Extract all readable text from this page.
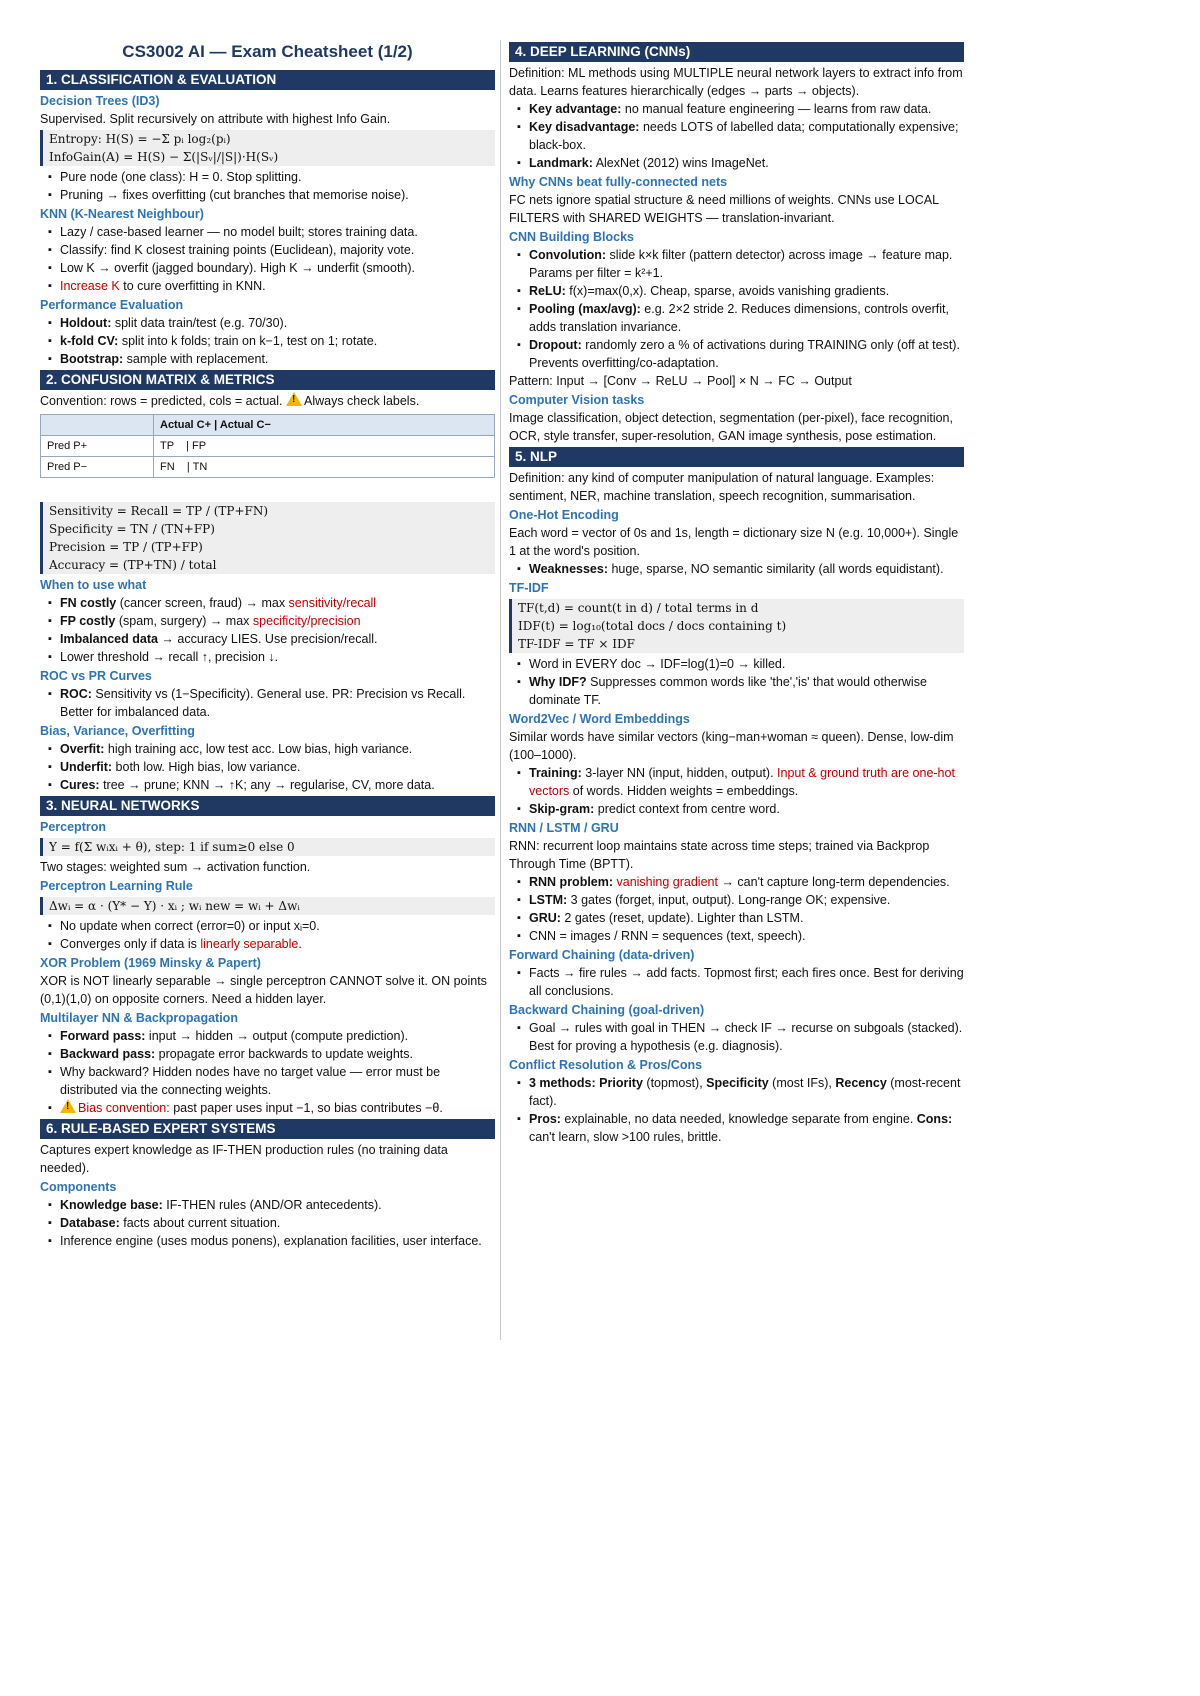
CS3002 AI — Exam Cheatsheet (1/2)
1. CLASSIFICATION & EVALUATION
Decision Trees (ID3)

Supervised. Split recursively on attribute with highest Info Gain.

Entropy: H(S) = −Σ pᵢ log₂(pᵢ)
InfoGain(A) = H(S) − Σ(|Sᵥ|/|S|)·H(Sᵥ)
▪ Pure node (one class): H = 0. Stop splitting.
▪ Pruning → fixes overfitting (cut branches that memorise noise).
KNN (K-Nearest Neighbour)
▪ Lazy / case-based learner — no model built; stores training data.
▪ Classify: find K closest training points (Euclidean), majority vote.
▪ Low K → overfit (jagged boundary). High K → underfit (smooth).
▪ Increase K to cure overfitting in KNN.
Performance Evaluation
▪ Holdout: split data train/test (e.g. 70/30).
▪ k-fold CV: split into k folds; train on k−1, test on 1; rotate.
▪ Bootstrap: sample with replacement.
2. CONFUSION MATRIX & METRICS

Convention: rows = predicted, cols = actual. ! Always check labels.

	Actual C+ | Actual C−
Pred P+	TP    | FP
Pred P−	FN    | TN
Sensitivity = Recall = TP / (TP+FN)
Specificity = TN / (TN+FP)
Precision = TP / (TP+FP)
Accuracy = (TP+TN) / total
When to use what
▪ FN costly (cancer screen, fraud) → max sensitivity/recall
▪ FP costly (spam, surgery) → max specificity/precision
▪ Imbalanced data → accuracy LIES. Use precision/recall.
▪ Lower threshold → recall ↑, precision ↓.
ROC vs PR Curves
▪ ROC: Sensitivity vs (1−Specificity). General use. PR: Precision vs Recall. Better for imbalanced data.
Bias, Variance, Overfitting
▪ Overfit: high training acc, low test acc. Low bias, high variance.
▪ Underfit: both low. High bias, low variance.
▪ Cures: tree → prune; KNN → ↑K; any → regularise, CV, more data.
3. NEURAL NETWORKS
Perceptron
Y = f(Σ wᵢxᵢ + θ), step: 1 if sum≥0 else 0

Two stages: weighted sum → activation function.

Perceptron Learning Rule
Δwᵢ = α · (Y* − Y) · xᵢ ; wᵢ new = wᵢ + Δwᵢ
▪ No update when correct (error=0) or input xᵢ=0.
▪ Converges only if data is linearly separable.
XOR Problem (1969 Minsky & Papert)

XOR is NOT linearly separable → single perceptron CANNOT solve it. ON points (0,1)(1,0) on opposite corners. Need a hidden layer.

Multilayer NN & Backpropagation
▪ Forward pass: input → hidden → output (compute prediction).
▪ Backward pass: propagate error backwards to update weights.
▪ Why backward? Hidden nodes have no target value — error must be distributed via the connecting weights.
!▪ Bias convention: past paper uses input −1, so bias contributes −θ.
6. RULE-BASED EXPERT SYSTEMS

Captures expert knowledge as IF-THEN production rules (no training data needed).

Components
▪ Knowledge base: IF-THEN rules (AND/OR antecedents).
▪ Database: facts about current situation.
▪ Inference engine (uses modus ponens), explanation facilities, user interface.
4. DEEP LEARNING (CNNs)

Definition: ML methods using MULTIPLE neural network layers to extract info from data. Learns features hierarchically (edges → parts → objects).

▪ Key advantage: no manual feature engineering — learns from raw data.
▪ Key disadvantage: needs LOTS of labelled data; computationally expensive; black-box.
▪ Landmark: AlexNet (2012) wins ImageNet.
Why CNNs beat fully-connected nets

FC nets ignore spatial structure & need millions of weights. CNNs use LOCAL FILTERS with SHARED WEIGHTS — translation-invariant.

CNN Building Blocks
▪ Convolution: slide k×k filter (pattern detector) across image → feature map. Params per filter = k²+1.
▪ ReLU: f(x)=max(0,x). Cheap, sparse, avoids vanishing gradients.
▪ Pooling (max/avg): e.g. 2×2 stride 2. Reduces dimensions, controls overfit, adds translation invariance.
▪ Dropout: randomly zero a % of activations during TRAINING only (off at test). Prevents overfitting/co-adaptation.

Pattern: Input → [Conv → ReLU → Pool] × N → FC → Output

Computer Vision tasks

Image classification, object detection, segmentation (per-pixel), face recognition, OCR, style transfer, super-resolution, GAN image synthesis, pose estimation.

5. NLP

Definition: any kind of computer manipulation of natural language. Examples: sentiment, NER, machine translation, speech recognition, summarisation.

One-Hot Encoding

Each word = vector of 0s and 1s, length = dictionary size N (e.g. 10,000+). Single 1 at the word's position.

▪ Weaknesses: huge, sparse, NO semantic similarity (all words equidistant).
TF-IDF
TF(t,d) = count(t in d) / total terms in d
IDF(t) = log₁₀(total docs / docs containing t)
TF-IDF = TF × IDF
▪ Word in EVERY doc → IDF=log(1)=0 → killed.
▪ Why IDF? Suppresses common words like 'the','is' that would otherwise dominate TF.
Word2Vec / Word Embeddings

Similar words have similar vectors (king−man+woman ≈ queen). Dense, low-dim (100–1000).

▪ Training: 3-layer NN (input, hidden, output). Input & ground truth are one-hot vectors of words. Hidden weights = embeddings.
▪ Skip-gram: predict context from centre word.
RNN / LSTM / GRU

RNN: recurrent loop maintains state across time steps; trained via Backprop Through Time (BPTT).

▪ RNN problem: vanishing gradient → can't capture long-term dependencies.
▪ LSTM: 3 gates (forget, input, output). Long-range OK; expensive.
▪ GRU: 2 gates (reset, update). Lighter than LSTM.
▪ CNN = images / RNN = sequences (text, speech).
Forward Chaining (data-driven)
▪ Facts → fire rules → add facts. Topmost first; each fires once. Best for deriving all conclusions.
Backward Chaining (goal-driven)
▪ Goal → rules with goal in THEN → check IF → recurse on subgoals (stacked). Best for proving a hypothesis (e.g. diagnosis).
Conflict Resolution & Pros/Cons
▪ 3 methods: Priority (topmost), Specificity (most IFs), Recency (most-recent fact).
▪ Pros: explainable, no data needed, knowledge separate from engine. Cons: can't learn, slow >100 rules, brittle.
